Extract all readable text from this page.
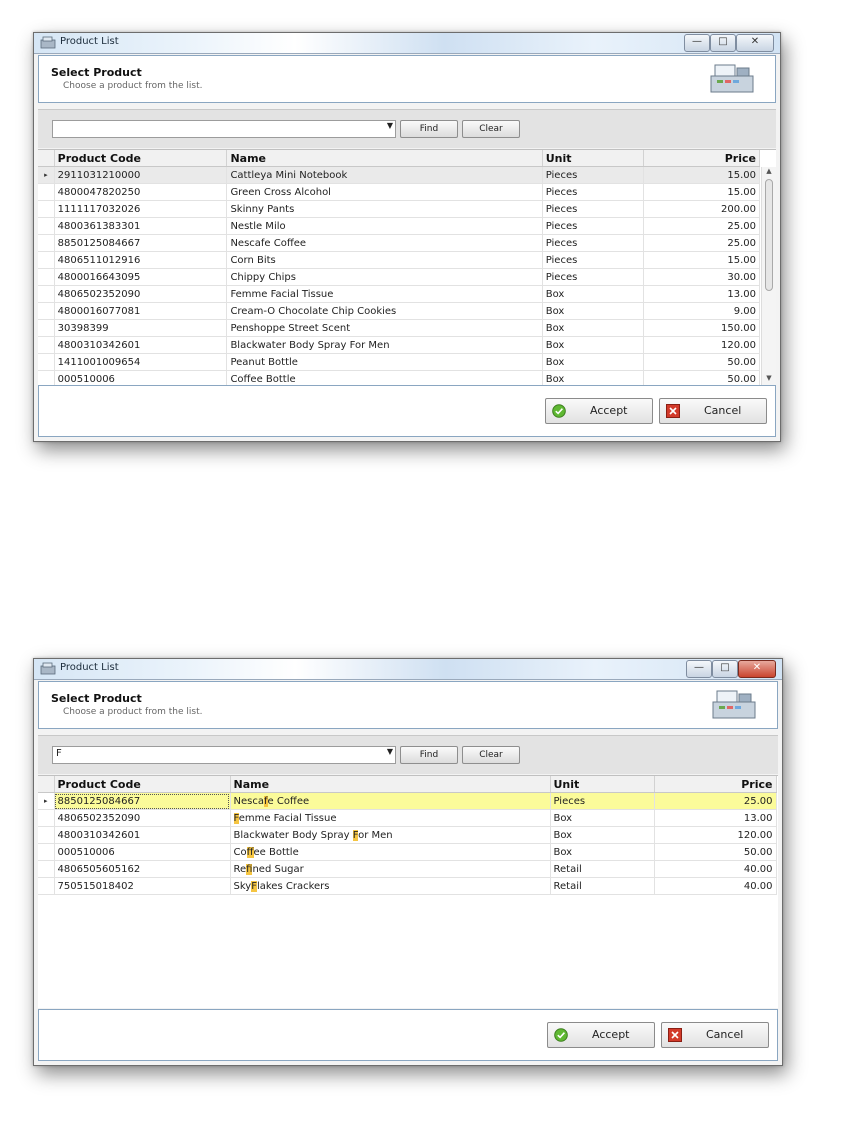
Product List	—	□	✕
Select Product
Choose a product from the list.
▼	Find	Clear
	Product Code	Name	Unit	Price
▸	2911031210000	Cattleya Mini Notebook	Pieces	15.00
	4800047820250	Green Cross Alcohol	Pieces	15.00
	1111117032026	Skinny Pants	Pieces	200.00
	4800361383301	Nestle Milo	Pieces	25.00
	8850125084667	Nescafe Coffee	Pieces	25.00
	4806511012916	Corn Bits	Pieces	15.00
	4800016643095	Chippy Chips	Pieces	30.00
	4806502352090	Femme Facial Tissue	Box	13.00
	4800016077081	Cream-O Chocolate Chip Cookies	Box	9.00
	30398399	Penshoppe Street Scent	Box	150.00
	4800310342601	Blackwater Body Spray For Men	Box	120.00
	1411001009654	Peanut Bottle	Box	50.00
	000510006	Coffee Bottle	Box	50.00
▲
▼
Accept	Cancel
Product List	—	□	✕
Select Product
Choose a product from the list.
F	▼	Find	Clear
	Product Code	Name	Unit	Price
▸	8850125084667	Nescafe Coffee	Pieces	25.00
	4806502352090	Femme Facial Tissue	Box	13.00
	4800310342601	Blackwater Body Spray For Men	Box	120.00
	000510006	Coffee Bottle	Box	50.00
	4806505605162	Refined Sugar	Retail	40.00
	750515018402	SkyFlakes Crackers	Retail	40.00
Accept	Cancel
